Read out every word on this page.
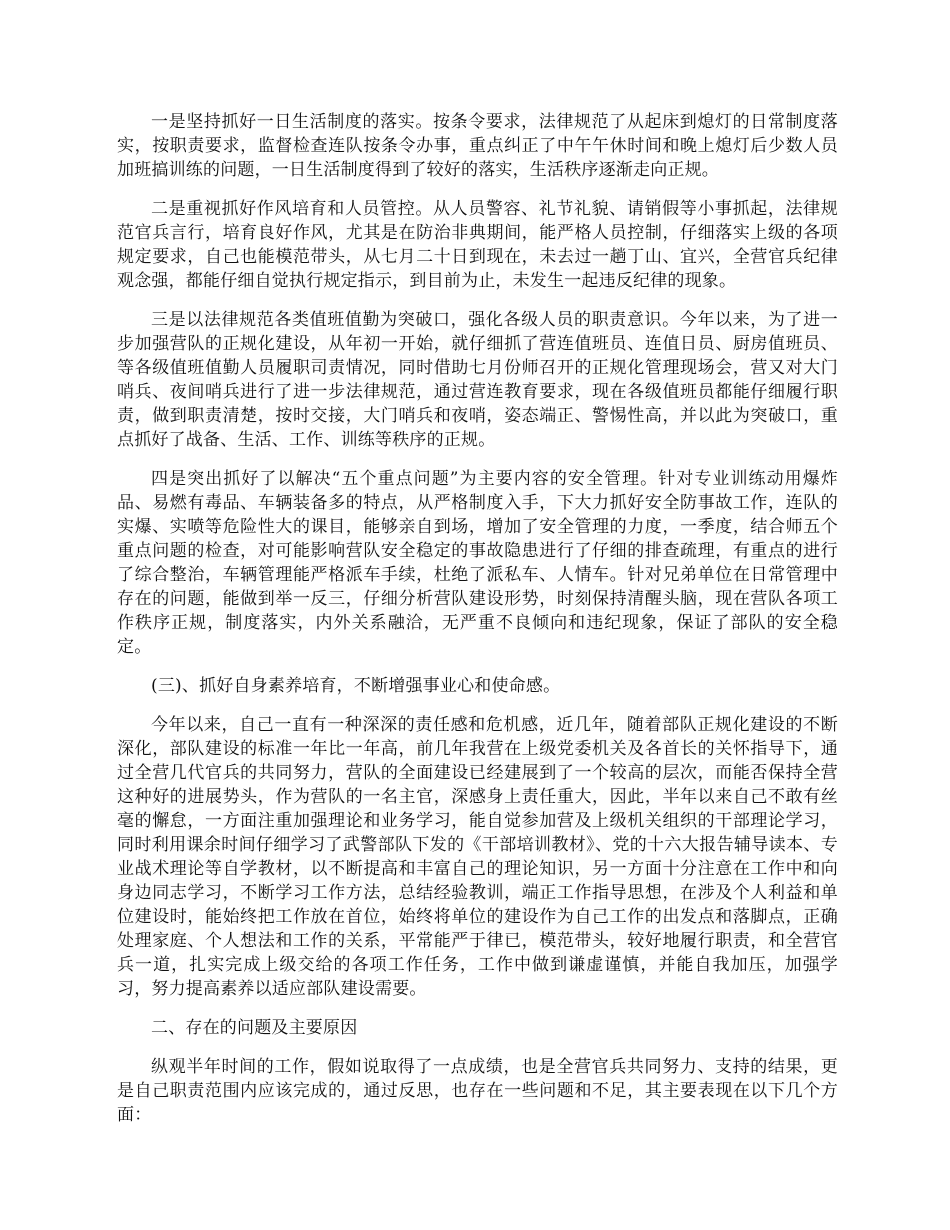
一是坚持抓好一日生活制度的落实。按条令要求，法律规范了从起床到熄灯的日常制度落实，按职责要求，监督检查连队按条令办事，重点纠正了中午午休时间和晚上熄灯后少数人员加班搞训练的问题，一日生活制度得到了较好的落实，生活秩序逐渐走向正规。

二是重视抓好作风培育和人员管控。从人员警容、礼节礼貌、请销假等小事抓起，法律规范官兵言行，培育良好作风，尤其是在防治非典期间，能严格人员控制，仔细落实上级的各项规定要求，自己也能模范带头，从七月二十日到现在，未去过一趟丁山、宜兴，全营官兵纪律观念强，都能仔细自觉执行规定指示，到目前为止，未发生一起违反纪律的现象。

三是以法律规范各类值班值勤为突破口，强化各级人员的职责意识。今年以来，为了进一步加强营队的正规化建设，从年初一开始，就仔细抓了营连值班员、连值日员、厨房值班员、等各级值班值勤人员履职司责情况，同时借助七月份师召开的正规化管理现场会，营又对大门哨兵、夜间哨兵进行了进一步法律规范，通过营连教育要求，现在各级值班员都能仔细履行职责，做到职责清楚，按时交接，大门哨兵和夜哨，姿态端正、警惕性高，并以此为突破口，重点抓好了战备、生活、工作、训练等秩序的正规。

四是突出抓好了以解决“五个重点问题”为主要内容的安全管理。针对专业训练动用爆炸品、易燃有毒品、车辆装备多的特点，从严格制度入手，下大力抓好安全防事故工作，连队的实爆、实喷等危险性大的课目，能够亲自到场，增加了安全管理的力度，一季度，结合师五个重点问题的检查，对可能影响营队安全稳定的事故隐患进行了仔细的排查疏理，有重点的进行了综合整治，车辆管理能严格派车手续，杜绝了派私车、人情车。针对兄弟单位在日常管理中存在的问题，能做到举一反三，仔细分析营队建设形势，时刻保持清醒头脑，现在营队各项工作秩序正规，制度落实，内外关系融洽，无严重不良倾向和违纪现象，保证了部队的安全稳定。

(三)、抓好自身素养培育，不断增强事业心和使命感。

今年以来，自己一直有一种深深的责任感和危机感，近几年，随着部队正规化建设的不断深化，部队建设的标准一年比一年高，前几年我营在上级党委机关及各首长的关怀指导下，通过全营几代官兵的共同努力，营队的全面建设已经建展到了一个较高的层次，而能否保持全营这种好的进展势头，作为营队的一名主官，深感身上责任重大，因此，半年以来自己不敢有丝毫的懈怠，一方面注重加强理论和业务学习，能自觉参加营及上级机关组织的干部理论学习，同时利用课余时间仔细学习了武警部队下发的《干部培训教材》、党的十六大报告辅导读本、专业战术理论等自学教材，以不断提高和丰富自己的理论知识，另一方面十分注意在工作中和向身边同志学习，不断学习工作方法，总结经验教训，端正工作指导思想，在涉及个人利益和单位建设时，能始终把工作放在首位，始终将单位的建设作为自己工作的出发点和落脚点，正确处理家庭、个人想法和工作的关系，平常能严于律已，模范带头，较好地履行职责，和全营官兵一道，扎实完成上级交给的各项工作任务，工作中做到谦虚谨慎，并能自我加压，加强学习，努力提高素养以适应部队建设需要。

二、存在的问题及主要原因

纵观半年时间的工作，假如说取得了一点成绩，也是全营官兵共同努力、支持的结果，更是自己职责范围内应该完成的，通过反思，也存在一些问题和不足，其主要表现在以下几个方面：
